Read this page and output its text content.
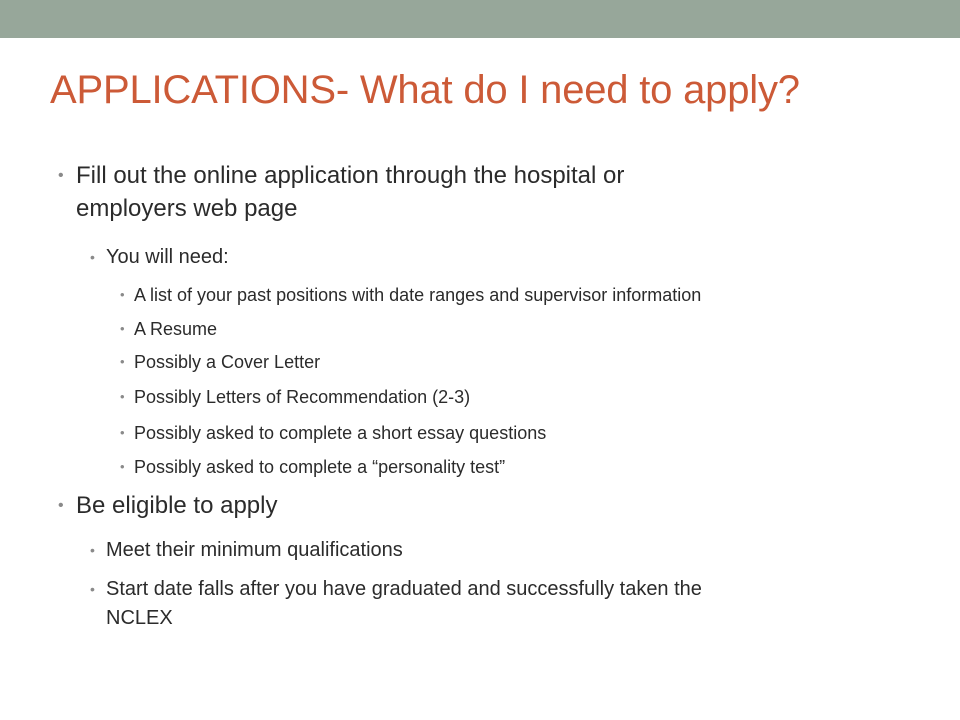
APPLICATIONS- What do I need to apply?
• Fill out the online application through the hospital or
employers web page
• You will need:
• A list of your past positions with date ranges and supervisor information
• A Resume
• Possibly a Cover Letter
• Possibly Letters of Recommendation (2-3)
• Possibly asked to complete a short essay questions
• Possibly asked to complete a “personality test”
• Be eligible to apply
• Meet their minimum qualifications
• Start date falls after you have graduated and successfully taken the
NCLEX
